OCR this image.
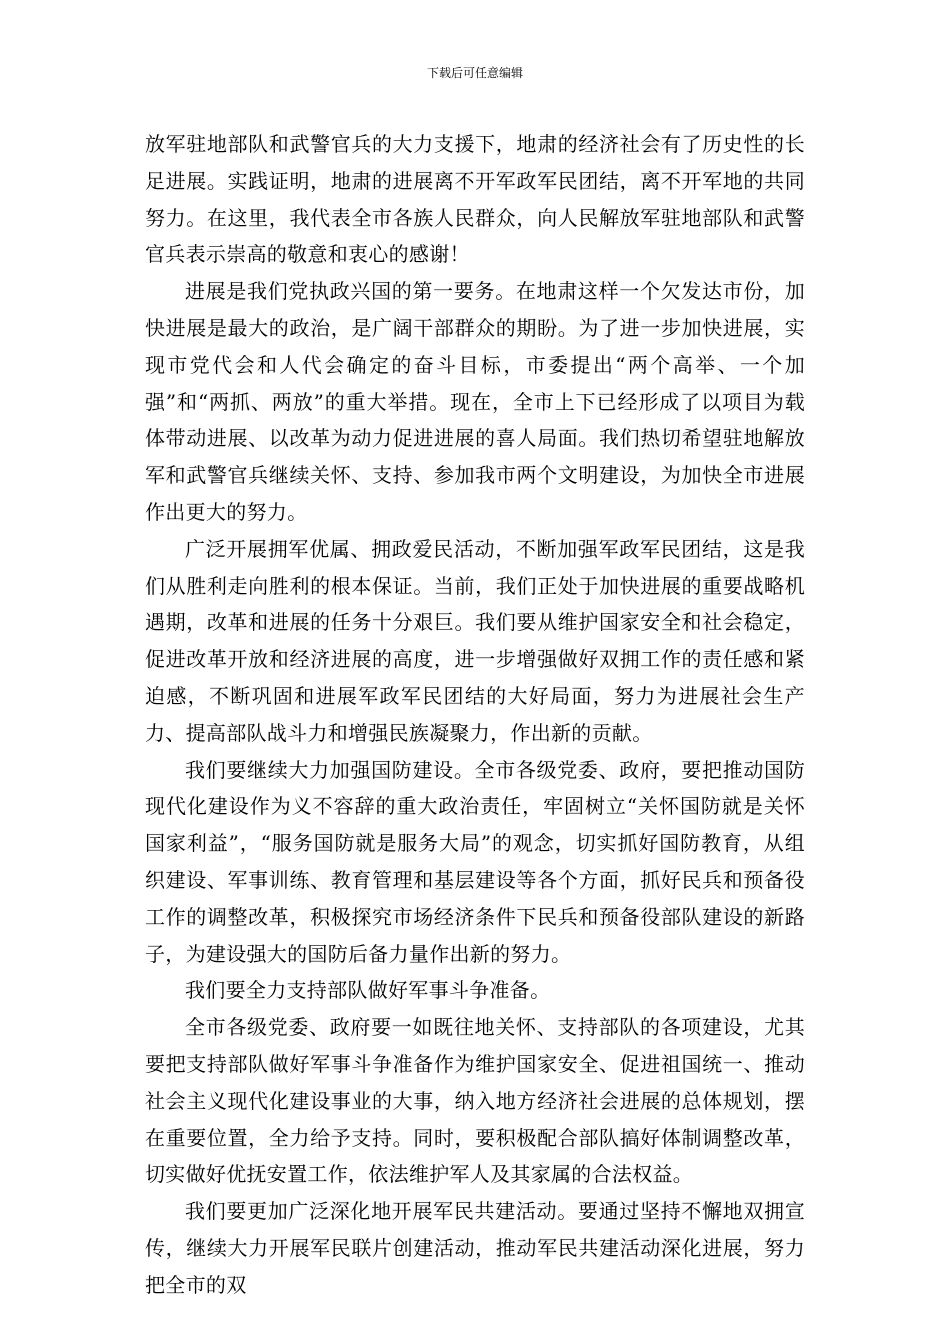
下载后可任意编辑

放军驻地部队和武警官兵的大力支援下，地肃的经济社会有了历史性的长足进展。实践证明，地肃的进展离不开军政军民团结，离不开军地的共同努力。在这里，我代表全市各族人民群众，向人民解放军驻地部队和武警官兵表示崇高的敬意和衷心的感谢！

进展是我们党执政兴国的第一要务。在地肃这样一个欠发达市份，加快进展是最大的政治，是广阔干部群众的期盼。为了进一步加快进展，实现市党代会和人代会确定的奋斗目标，市委提出“两个高举、一个加强”和“两抓、两放”的重大举措。现在，全市上下已经形成了以项目为载体带动进展、以改革为动力促进进展的喜人局面。我们热切希望驻地解放军和武警官兵继续关怀、支持、参加我市两个文明建设，为加快全市进展作出更大的努力。

广泛开展拥军优属、拥政爱民活动，不断加强军政军民团结，这是我们从胜利走向胜利的根本保证。当前，我们正处于加快进展的重要战略机遇期，改革和进展的任务十分艰巨。我们要从维护国家安全和社会稳定，促进改革开放和经济进展的高度，进一步增强做好双拥工作的责任感和紧迫感，不断巩固和进展军政军民团结的大好局面，努力为进展社会生产力、提高部队战斗力和增强民族凝聚力，作出新的贡献。

我们要继续大力加强国防建设。全市各级党委、政府，要把推动国防现代化建设作为义不容辞的重大政治责任，牢固树立“关怀国防就是关怀国家利益”，“服务国防就是服务大局”的观念，切实抓好国防教育，从组织建设、军事训练、教育管理和基层建设等各个方面，抓好民兵和预备役工作的调整改革，积极探究市场经济条件下民兵和预备役部队建设的新路子，为建设强大的国防后备力量作出新的努力。

我们要全力支持部队做好军事斗争准备。

全市各级党委、政府要一如既往地关怀、支持部队的各项建设，尤其要把支持部队做好军事斗争准备作为维护国家安全、促进祖国统一、推动社会主义现代化建设事业的大事，纳入地方经济社会进展的总体规划，摆在重要位置，全力给予支持。同时，要积极配合部队搞好体制调整改革，切实做好优抚安置工作，依法维护军人及其家属的合法权益。

我们要更加广泛深化地开展军民共建活动。要通过坚持不懈地双拥宣传，继续大力开展军民联片创建活动，推动军民共建活动深化进展，努力把全市的双
